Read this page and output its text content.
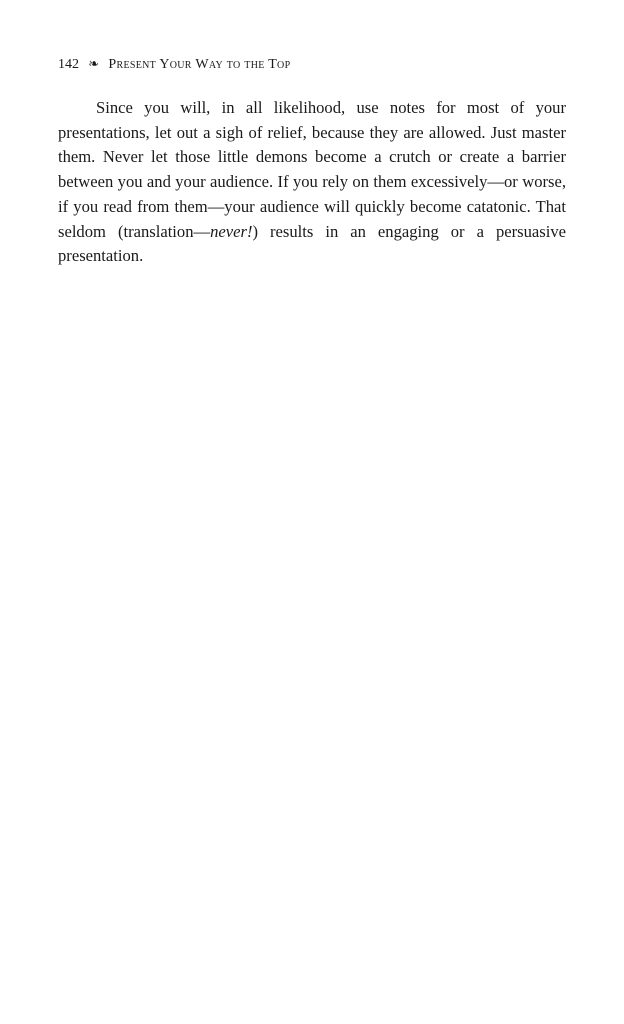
142 ❧ Present Your Way to the Top

Since you will, in all likelihood, use notes for most of your presentations, let out a sigh of relief, because they are allowed. Just master them. Never let those little demons become a crutch or create a barrier between you and your audience. If you rely on them excessively—or worse, if you read from them—your audience will quickly become catatonic. That seldom (translation—never!) results in an engaging or a persuasive presentation.
